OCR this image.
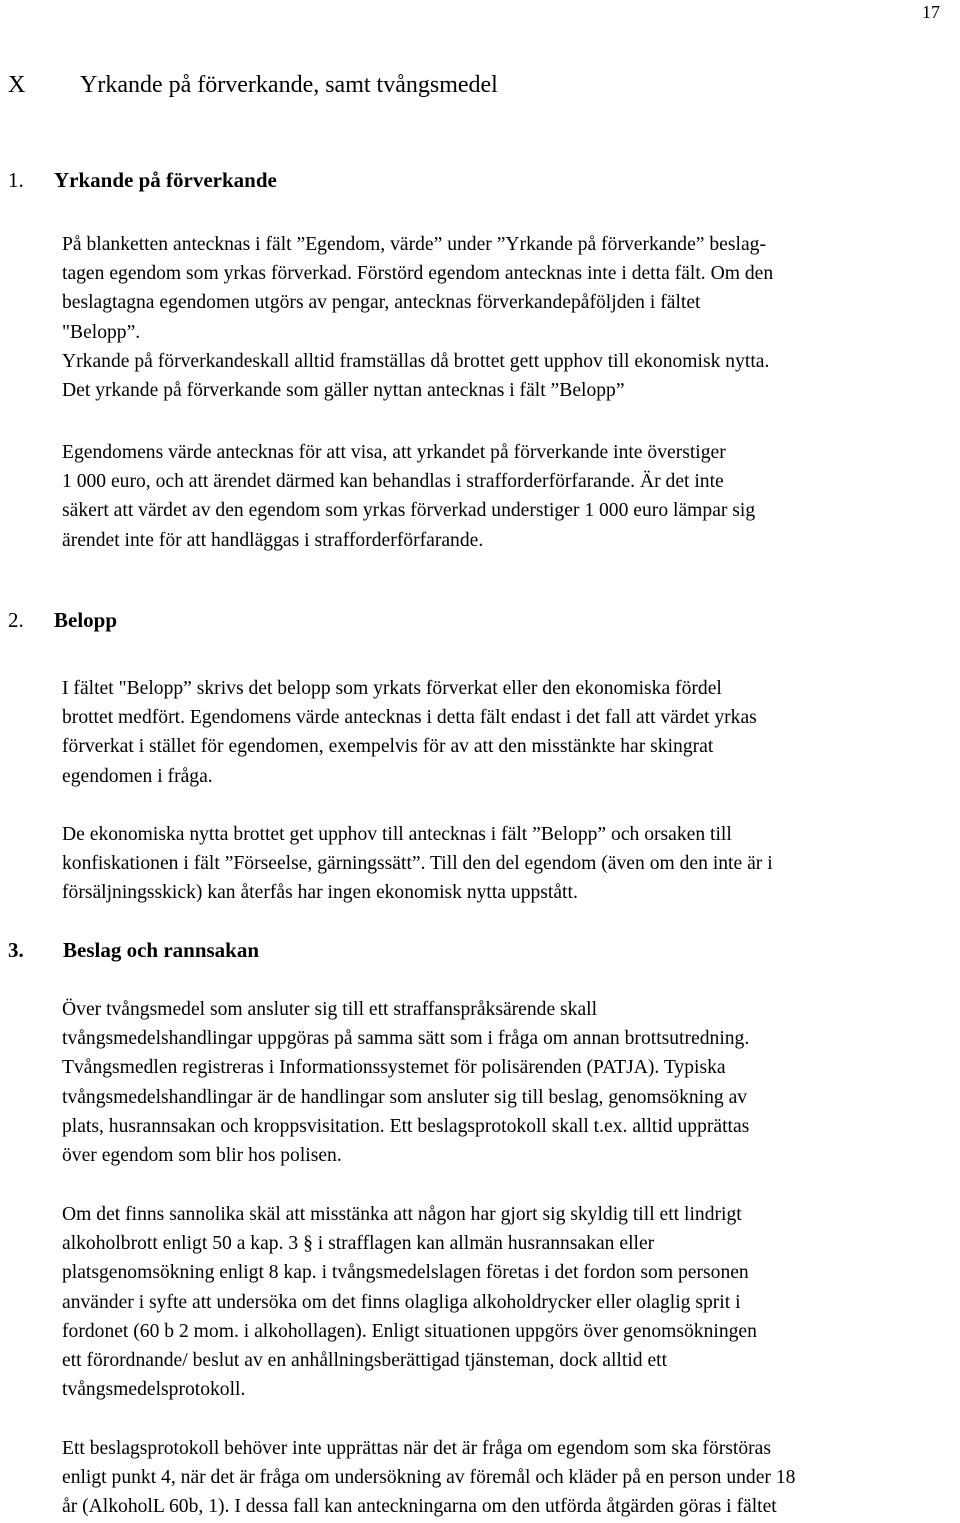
17
X Yrkande på förverkande, samt tvångsmedel
1. Yrkande på förverkande
På blanketten antecknas i fält ”Egendom, värde” under ”Yrkande på förverkande” beslag-
tagen egendom som yrkas förverkad. Förstörd egendom antecknas inte i detta fält. Om den
beslagtagna egendomen utgörs av pengar, antecknas förverkandepåföljden i fältet
"Belopp”.
Yrkande på förverkandeskall alltid framställas då brottet gett upphov till ekonomisk nytta.
Det yrkande på förverkande som gäller nyttan antecknas i fält ”Belopp”
Egendomens värde antecknas för att visa, att yrkandet på förverkande inte överstiger
1 000 euro, och att ärendet därmed kan behandlas i strafforderförfarande. Är det inte
säkert att värdet av den egendom som yrkas förverkad understiger 1 000 euro lämpar sig
ärendet inte för att handläggas i strafforderförfarande.
2. Belopp
I fältet "Belopp” skrivs det belopp som yrkats förverkat eller den ekonomiska fördel
brottet medfört. Egendomens värde antecknas i detta fält endast i det fall att värdet yrkas
förverkat i stället för egendomen, exempelvis för av att den misstänkte har skingrat
egendomen i fråga.
De ekonomiska nytta brottet get upphov till antecknas i fält ”Belopp” och orsaken till
konfiskationen i fält ”Förseelse, gärningssätt”. Till den del egendom (även om den inte är i
försäljningsskick) kan återfås har ingen ekonomisk nytta uppstått.
3. Beslag och rannsakan
Över tvångsmedel som ansluter sig till ett straffanspråksärende skall
tvångsmedelshandlingar uppgöras på samma sätt som i fråga om annan brottsutredning.
Tvångsmedlen registreras i Informationssystemet för polisärenden (PATJA). Typiska
tvångsmedelshandlingar är de handlingar som ansluter sig till beslag, genomsökning av
plats, husrannsakan och kroppsvisitation. Ett beslagsprotokoll skall t.ex. alltid upprättas
över egendom som blir hos polisen.
Om det finns sannolika skäl att misstänka att någon har gjort sig skyldig till ett lindrigt
alkoholbrott enligt 50 a kap. 3 § i strafflagen kan allmän husrannsakan eller
platsgenomsökning enligt 8 kap. i tvångsmedelslagen företas i det fordon som personen
använder i syfte att undersöka om det finns olagliga alkoholdrycker eller olaglig sprit i
fordonet (60 b 2 mom. i alkohollagen). Enligt situationen uppgörs över genomsökningen
ett förordnande/ beslut av en anhållningsberättigad tjänsteman, dock alltid ett
tvångsmedelsprotokoll.
Ett beslagsprotokoll behöver inte upprättas när det är fråga om egendom som ska förstöras
enligt punkt 4, när det är fråga om undersökning av föremål och kläder på en person under 18
år (AlkoholL 60b, 1). I dessa fall kan anteckningarna om den utförda åtgärden göras i fältet
